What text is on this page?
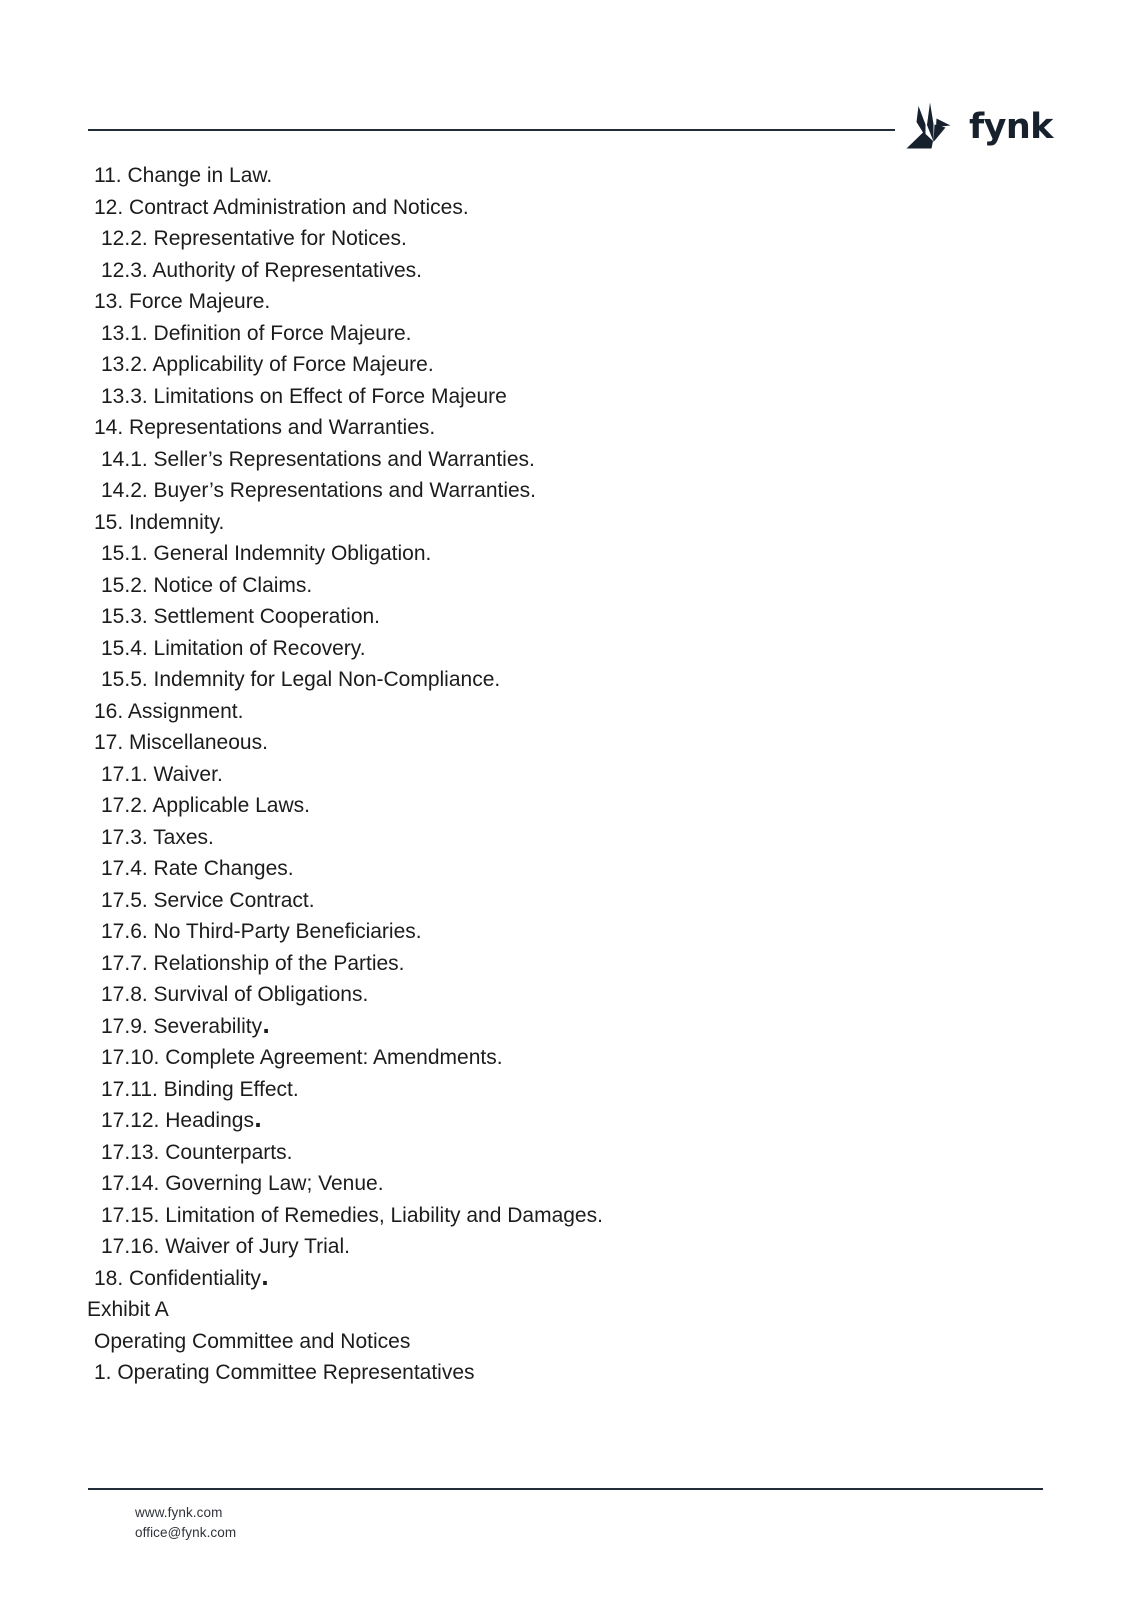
fynk
11. Change in Law.
12. Contract Administration and Notices.
12.2. Representative for Notices.
12.3. Authority of Representatives.
13. Force Majeure.
13.1. Definition of Force Majeure.
13.2. Applicability of Force Majeure.
13.3. Limitations on Effect of Force Majeure
14. Representations and Warranties.
14.1. Seller’s Representations and Warranties.
14.2. Buyer’s Representations and Warranties.
15. Indemnity.
15.1. General Indemnity Obligation.
15.2. Notice of Claims.
15.3. Settlement Cooperation.
15.4. Limitation of Recovery.
15.5. Indemnity for Legal Non-Compliance.
16. Assignment.
17. Miscellaneous.
17.1. Waiver.
17.2. Applicable Laws.
17.3. Taxes.
17.4. Rate Changes.
17.5. Service Contract.
17.6. No Third-Party Beneficiaries.
17.7. Relationship of the Parties.
17.8. Survival of Obligations.
17.9. Severability.
17.10. Complete Agreement: Amendments.
17.11. Binding Effect.
17.12. Headings.
17.13. Counterparts.
17.14. Governing Law; Venue.
17.15. Limitation of Remedies, Liability and Damages.
17.16. Waiver of Jury Trial.
18. Confidentiality.
Exhibit A
Operating Committee and Notices
1. Operating Committee Representatives
www.fynk.com
office@fynk.com
